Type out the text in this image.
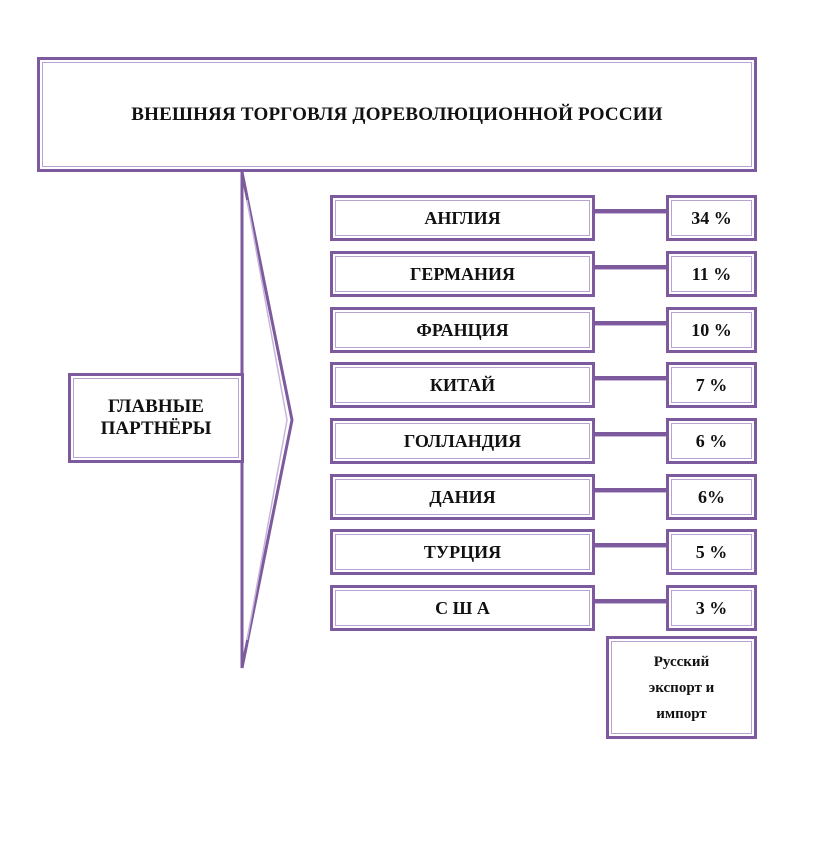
ВНЕШНЯЯ ТОРГОВЛЯ ДОРЕВОЛЮЦИОННОЙ РОССИИ
ГЛАВНЫЕ
ПАРТНЁРЫ
АНГЛИЯ	34 %
ГЕРМАНИЯ	11 %
ФРАНЦИЯ	10 %
КИТАЙ	7 %
ГОЛЛАНДИЯ	6 %
ДАНИЯ	6%
ТУРЦИЯ	5 %
С Ш А	3 %
Русский
экспорт и
импорт
